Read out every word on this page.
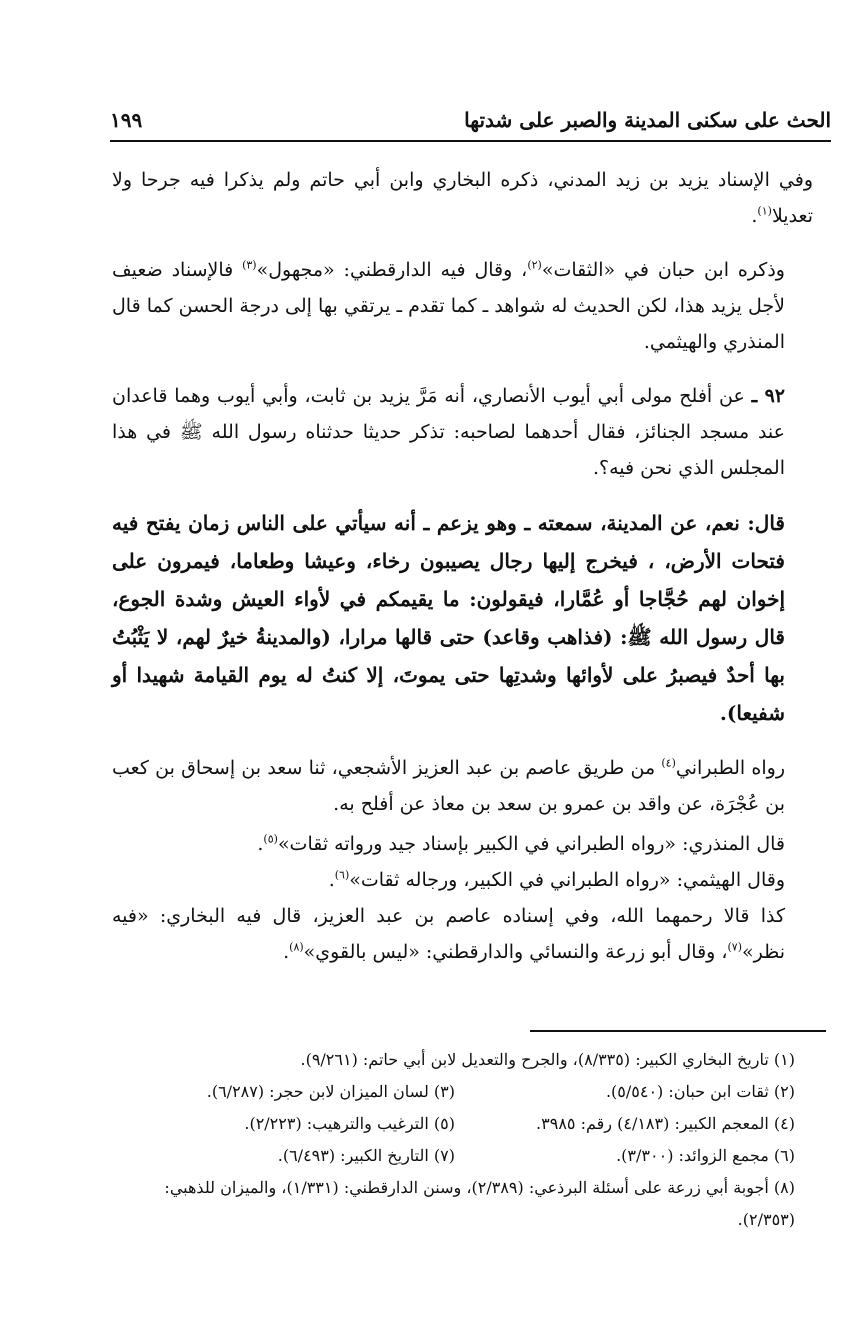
الحث على سكنى المدينة والصبر على شدتها
١٩٩

وفي الإسناد يزيد بن زيد المدني، ذكره البخاري وابن أبي حاتم ولم يذكرا فيه جرحا ولا تعديلا$^{(١)}$.

وذكره ابن حبان في «الثقات»$^{(٢)}$، وقال فيه الدارقطني: «مجهول»$^{(٣)}$ فالإسناد ضعيف لأجل يزيد هذا، لكن الحديث له شواهد ـ كما تقدم ـ يرتقي بها إلى درجة الحسن كما قال المنذري والهيثمي.

٩٢ ـ عن أفلح مولى أبي أيوب الأنصاري، أنه مَرَّ يزيد بن ثابت، وأبي أيوب وهما قاعدان عند مسجد الجنائز، فقال أحدهما لصاحبه: تذكر حديثا حدثناه رسول الله ﷺ في هذا المجلس الذي نحن فيه؟.

قال: نعم، عن المدينة، سمعته ـ وهو يزعم ـ أنه سيأتي على الناس زمان يفتح فيه فتحات الأرض، ، فيخرج إليها رجال يصيبون رخاء، وعيشا وطعاما، فيمرون على إخوان لهم حُجَّاجا أو عُمَّارا، فيقولون: ما يقيمكم في لأواء العيش وشدة الجوع، قال رسول الله ﷺ: (فذاهب وقاعد) حتى قالها مرارا، (والمدينةُ خيرٌ لهم، لا يَثْبُتُ بها أحدٌ فيصبرُ على لأوائها وشدتِها حتى يموتَ، إلا كنتُ له يوم القيامة شهيدا أو شفيعا).

رواه الطبراني$^{(٤)}$ من طريق عاصم بن عبد العزيز الأشجعي، ثنا سعد بن إسحاق بن كعب بن عُجْرَة، عن واقد بن عمرو بن سعد بن معاذ عن أفلح به.

قال المنذري: «رواه الطبراني في الكبير بإسناد جيد ورواته ثقات»$^{(٥)}$.

وقال الهيثمي: «رواه الطبراني في الكبير، ورجاله ثقات»$^{(٦)}$.

كذا قالا رحمهما الله، وفي إسناده عاصم بن عبد العزيز، قال فيه البخاري: «فيه نظر»$^{(٧)}$، وقال أبو زرعة والنسائي والدارقطني: «ليس بالقوي»$^{(٨)}$.

(١) تاريخ البخاري الكبير: (٨/٣٣٥)، والجرح والتعديل لابن أبي حاتم: (٩/٢٦١).
(٢) ثقات ابن حبان: (٥/٥٤٠).
(٣) لسان الميزان لابن حجر: (٦/٢٨٧).
(٤) المعجم الكبير: (٤/١٨٣) رقم: ٣٩٨٥.
(٥) الترغيب والترهيب: (٢/٢٢٣).
(٦) مجمع الزوائد: (٣/٣٠٠).
(٧) التاريخ الكبير: (٦/٤٩٣).
(٨) أجوبة أبي زرعة على أسئلة البرذعي: (٢/٣٨٩)، وسنن الدارقطني: (١/٣٣١)، والميزان للذهبي: (٢/٣٥٣).
